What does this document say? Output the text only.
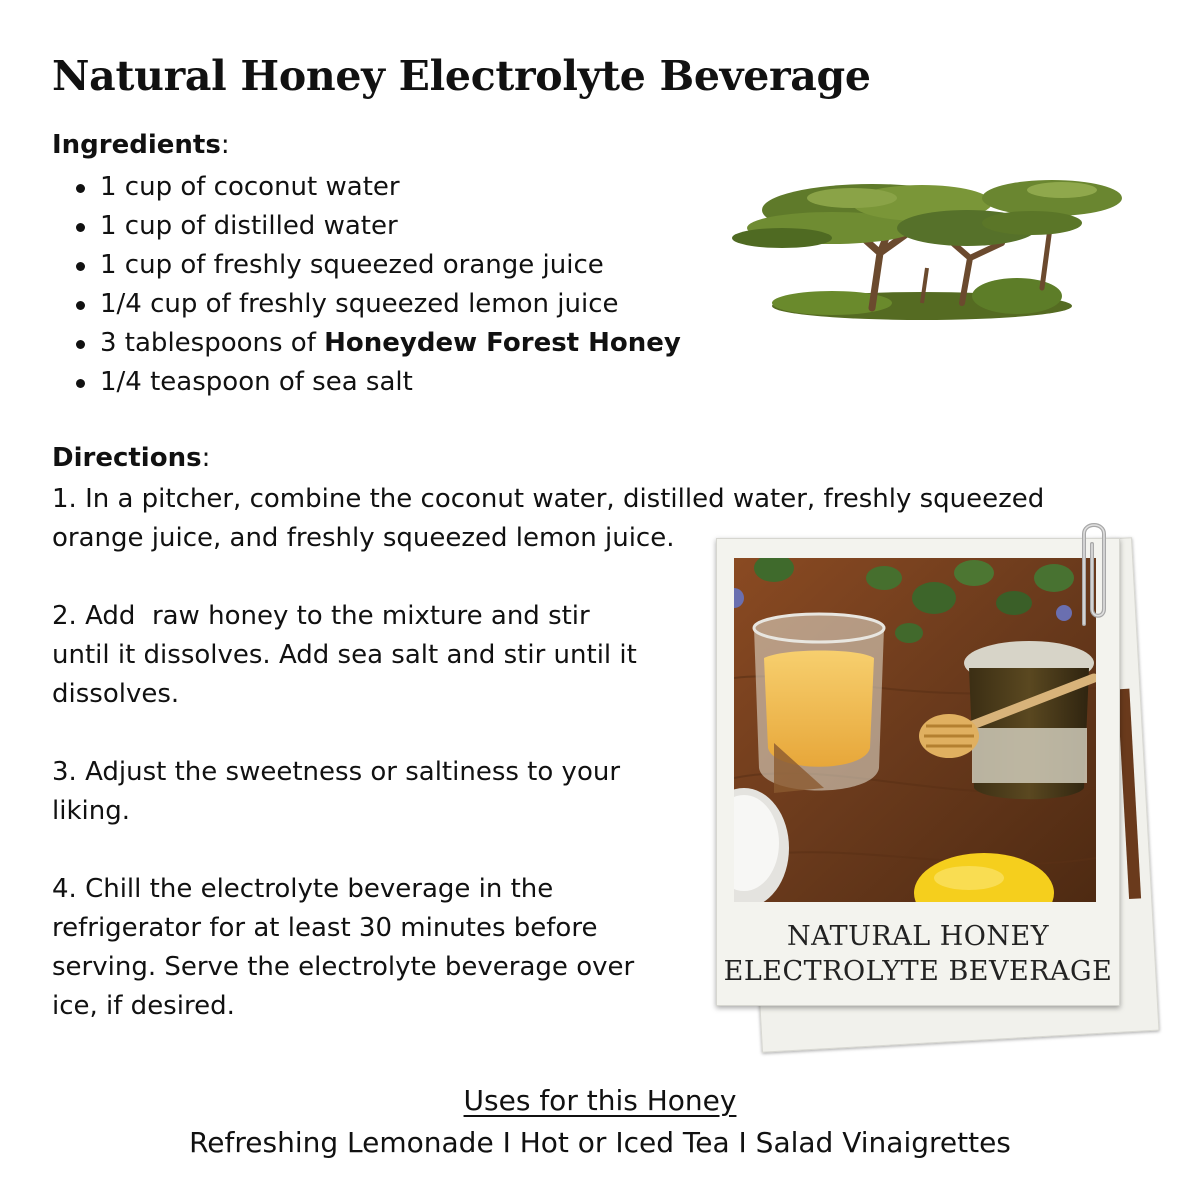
Natural Honey Electrolyte Beverage
Ingredients:
1 cup of coconut water
1 cup of distilled water
1 cup of freshly squeezed orange juice
1/4 cup of freshly squeezed lemon juice
3 tablespoons of Honeydew Forest Honey
1/4 teaspoon of sea salt
Directions:
1. In a pitcher, combine the coconut water, distilled water, freshly squeezed
orange juice, and freshly squeezed lemon juice.
2. Add  raw honey to the mixture and stir
until it dissolves. Add sea salt and stir until it
dissolves.
3. Adjust the sweetness or saltiness to your
liking.
4. Chill the electrolyte beverage in the
refrigerator for at least 30 minutes before
serving. Serve the electrolyte beverage over
ice, if desired.
NATURAL HONEY
ELECTROLYTE BEVERAGE
Uses for this Honey
Refreshing Lemonade I Hot or Iced Tea I Salad Vinaigrettes
